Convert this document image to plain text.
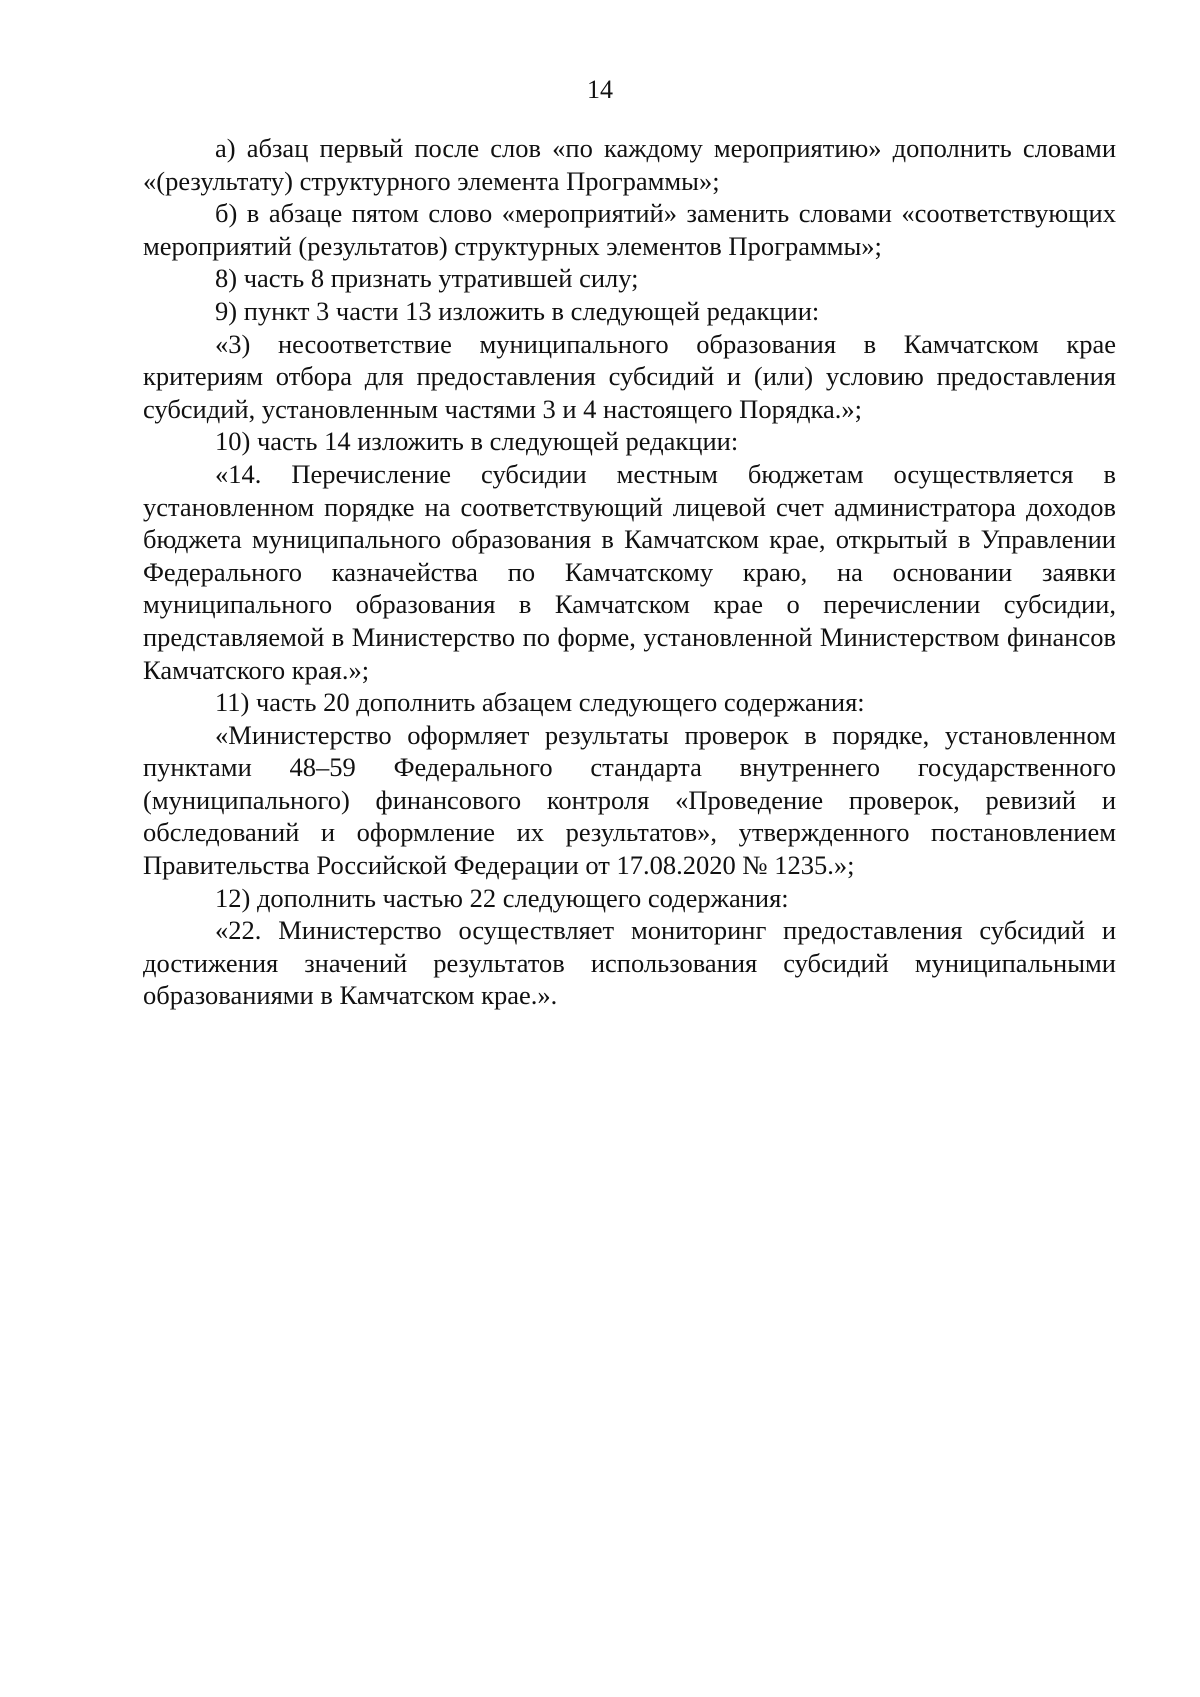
14

а) абзац первый после слов «по каждому мероприятию» дополнить словами «(результату) структурного элемента Программы»;

б) в абзаце пятом слово «мероприятий» заменить словами «соответствующих мероприятий (результатов) структурных элементов Программы»;

8) часть 8 признать утратившей силу;

9) пункт 3 части 13 изложить в следующей редакции:

«3) несоответствие муниципального образования в Камчатском крае критериям отбора для предоставления субсидий и (или) условию предоставления субсидий, установленным частями 3 и 4 настоящего Порядка.»;

10) часть 14 изложить в следующей редакции:

«14. Перечисление субсидии местным бюджетам осуществляется в установленном порядке на соответствующий лицевой счет администратора доходов бюджета муниципального образования в Камчатском крае, открытый в Управлении Федерального казначейства по Камчатскому краю, на основании заявки муниципального образования в Камчатском крае о перечислении субсидии, представляемой в Министерство по форме, установленной Министерством финансов Камчатского края.»;

11) часть 20 дополнить абзацем следующего содержания:

«Министерство оформляет результаты проверок в порядке, установленном пунктами 48–59 Федерального стандарта внутреннего государственного (муниципального) финансового контроля «Проведение проверок, ревизий и обследований и оформление их результатов», утвержденного постановлением Правительства Российской Федерации от 17.08.2020 № 1235.»;

12) дополнить частью 22 следующего содержания:

«22. Министерство осуществляет мониторинг предоставления субсидий и достижения значений результатов использования субсидий муниципальными образованиями в Камчатском крае.».
